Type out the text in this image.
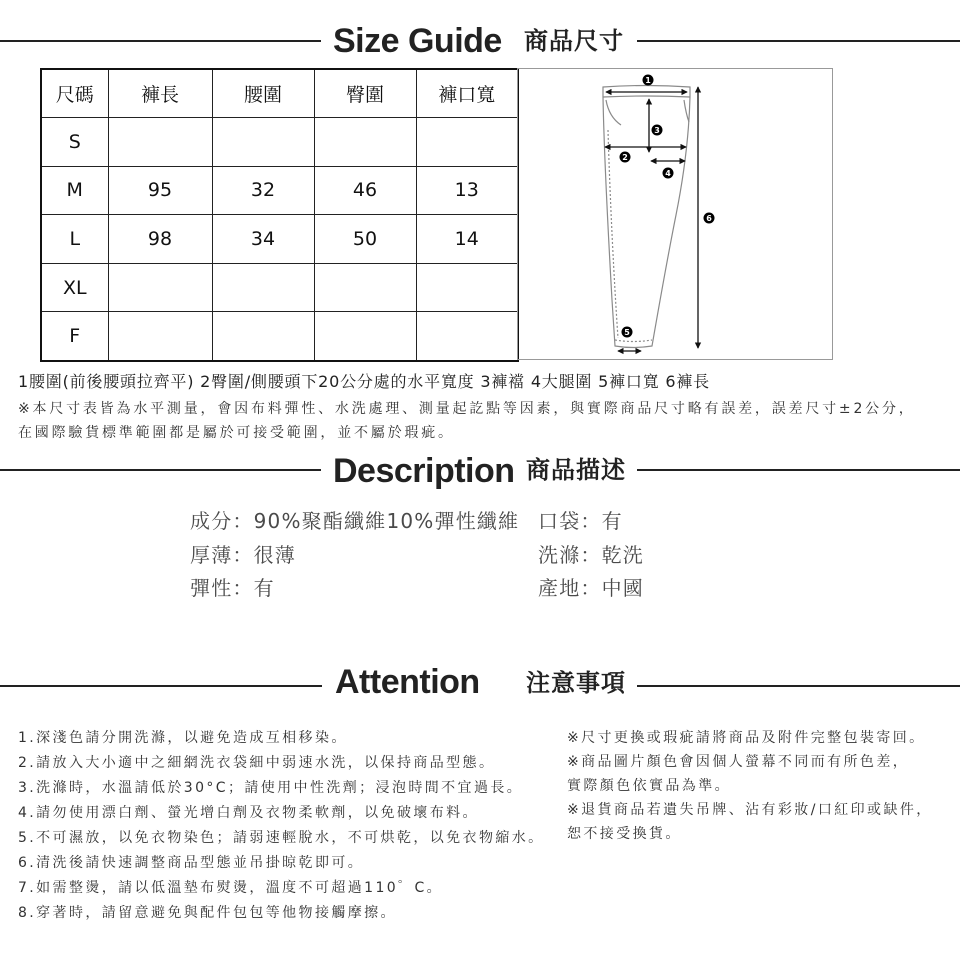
Size Guide 商品尺寸
尺碼	褲長	腰圍	臀圍	褲口寬
S				
M	95	32	46	13
L	98	34	50	14
XL				
F				
1
2
3
4
5
6
1腰圍(前後腰頭拉齊平) 2臀圍/側腰頭下20公分處的水平寬度 3褲襠 4大腿圍 5褲口寬 6褲長
※本尺寸表皆為水平測量，會因布料彈性、水洗處理、測量起訖點等因素，與實際商品尺寸略有誤差，誤差尺寸±2公分，
在國際驗貨標準範圍都是屬於可接受範圍，並不屬於瑕疵。
Description 商品描述
成分：90%聚酯纖維10%彈性纖維
厚薄：很薄
彈性：有
口袋：有
洗滌：乾洗
產地：中國
Attention 注意事項
1.深淺色請分開洗滌，以避免造成互相移染。
2.請放入大小適中之細網洗衣袋細中弱速水洗，以保持商品型態。
3.洗滌時，水溫請低於30°C；請使用中性洗劑；浸泡時間不宜過長。
4.請勿使用漂白劑、螢光增白劑及衣物柔軟劑，以免破壞布料。
5.不可濕放，以免衣物染色；請弱速輕脫水，不可烘乾，以免衣物縮水。
6.清洗後請快速調整商品型態並吊掛晾乾即可。
7.如需整燙，請以低溫墊布熨燙，溫度不可超過110゜C。
8.穿著時，請留意避免與配件包包等他物接觸摩擦。
※尺寸更換或瑕疵請將商品及附件完整包裝寄回。
※商品圖片顏色會因個人螢幕不同而有所色差，
實際顏色依實品為準。
※退貨商品若遺失吊牌、沾有彩妝/口紅印或缺件，
恕不接受換貨。
